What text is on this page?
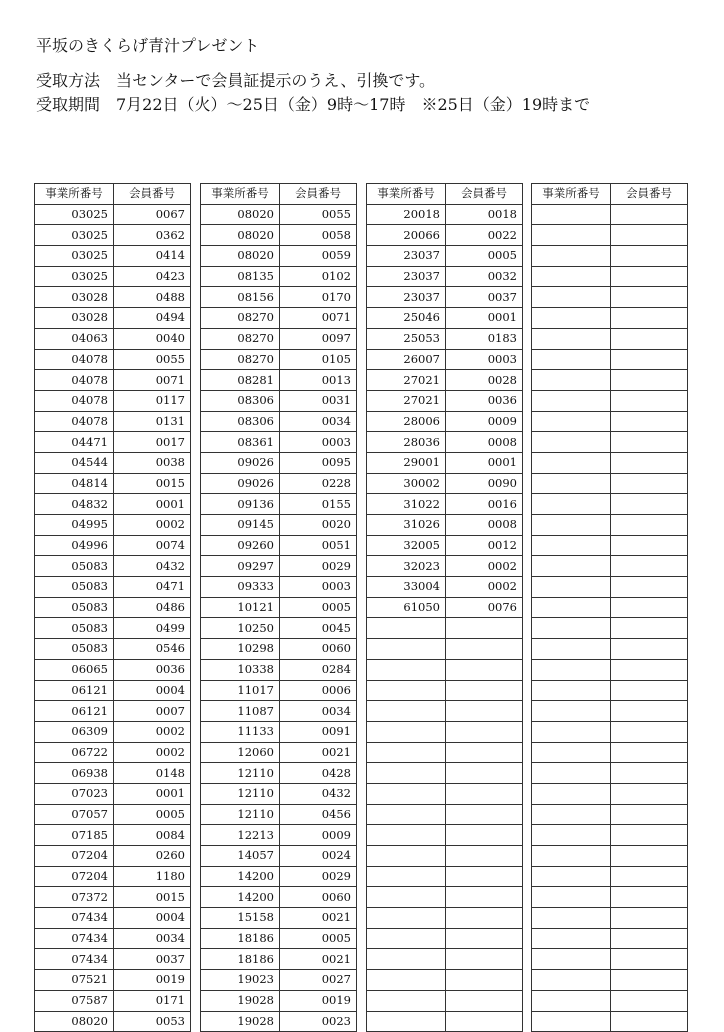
平坂のきくらげ青汁プレゼント
受取方法　当センターで会員証提示のうえ、引換です。
受取期間　7月22日（火）～25日（金）9時～17時　※25日（金）19時まで
事業所番号	会員番号
03025	0067
03025	0362
03025	0414
03025	0423
03028	0488
03028	0494
04063	0040
04078	0055
04078	0071
04078	0117
04078	0131
04471	0017
04544	0038
04814	0015
04832	0001
04995	0002
04996	0074
05083	0432
05083	0471
05083	0486
05083	0499
05083	0546
06065	0036
06121	0004
06121	0007
06309	0002
06722	0002
06938	0148
07023	0001
07057	0005
07185	0084
07204	0260
07204	1180
07372	0015
07434	0004
07434	0034
07434	0037
07521	0019
07587	0171
08020	0053
事業所番号	会員番号
08020	0055
08020	0058
08020	0059
08135	0102
08156	0170
08270	0071
08270	0097
08270	0105
08281	0013
08306	0031
08306	0034
08361	0003
09026	0095
09026	0228
09136	0155
09145	0020
09260	0051
09297	0029
09333	0003
10121	0005
10250	0045
10298	0060
10338	0284
11017	0006
11087	0034
11133	0091
12060	0021
12110	0428
12110	0432
12110	0456
12213	0009
14057	0024
14200	0029
14200	0060
15158	0021
18186	0005
18186	0021
19023	0027
19028	0019
19028	0023
事業所番号	会員番号
20018	0018
20066	0022
23037	0005
23037	0032
23037	0037
25046	0001
25053	0183
26007	0003
27021	0028
27021	0036
28006	0009
28036	0008
29001	0001
30002	0090
31022	0016
31026	0008
32005	0012
32023	0002
33004	0002
61050	0076

事業所番号	会員番号
